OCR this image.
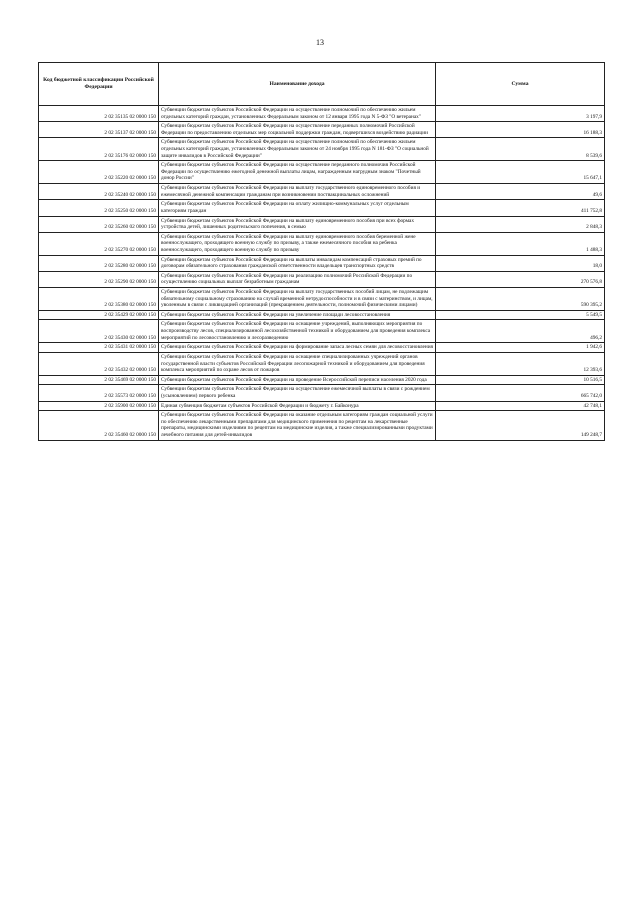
13
Код бюджетной классификации Российской Федерации	Наименование дохода	Сумма
2 02 35135 02 0000 150	Субвенции бюджетам субъектов Российской Федерации на осуществление полномочий по обеспечению жильем отдельных категорий граждан, установленных Федеральным законом от 12 января 1995 года N 5-ФЗ "О ветеранах"	3 197,9
2 02 35137 02 0000 150	Субвенции бюджетам субъектов Российской Федерации на осуществление переданных полномочий Российской Федерации по предоставлению отдельных мер социальной поддержки граждан, подвергшихся воздействию радиации	16 188,3
2 02 35176 02 0000 150	Субвенции бюджетам субъектов Российской Федерации на осуществление полномочий по обеспечению жильем отдельных категорий граждан, установленных Федеральным законом от 24 ноября 1995 года N 181-ФЗ "О социальной защите инвалидов в Российской Федерации"	8 539,6
2 02 35220 02 0000 150	Субвенции бюджетам субъектов Российской Федерации на осуществление переданного полномочия Российской Федерации по осуществлению ежегодной денежной выплаты лицам, награжденным нагрудным знаком "Почетный донор России"	15 647,1
2 02 35240 02 0000 150	Субвенции бюджетам субъектов Российской Федерации на выплату государственного единовременного пособия и ежемесячной денежной компенсации гражданам при возникновении поствакцинальных осложнений	49,6
2 02 35250 02 0000 150	Субвенции бюджетам субъектов Российской Федерации на оплату жилищно-коммунальных услуг отдельным категориям граждан	411 752,8
2 02 35260 02 0000 150	Субвенции бюджетам субъектов Российской Федерации на выплату единовременного пособия при всех формах устройства детей, лишенных родительского попечения, в семью	2 848,3
2 02 35270 02 0000 150	Субвенции бюджетам субъектов Российской Федерации на выплату единовременного пособия беременной жене военнослужащего, проходящего военную службу по призыву, а также ежемесячного пособия на ребенка военнослужащего, проходящего военную службу по призыву	1 488,3
2 02 35280 02 0000 150	Субвенции бюджетам субъектов Российской Федерации на выплаты инвалидам компенсаций страховых премий по договорам обязательного страхования гражданской ответственности владельцев транспортных средств	18,0
2 02 35290 02 0000 150	Субвенции бюджетам субъектов Российской Федерации на реализацию полномочий Российской Федерации по осуществлению социальных выплат безработным гражданам	270 576,8
2 02 35380 02 0000 150	Субвенции бюджетам субъектов Российской Федерации на выплату государственных пособий лицам, не подлежащим обязательному социальному страхованию на случай временной нетрудоспособности и в связи с материнством, и лицам, уволенным в связи с ликвидацией организаций (прекращением деятельности, полномочий физическими лицами)	590 395,2
2 02 35429 02 0000 150	Субвенции бюджетам субъектов Российской Федерации на увеличение площади лесовосстановления	5 549,5
2 02 35430 02 0000 150	Субвенции бюджетам субъектов Российской Федерации на оснащение учреждений, выполняющих мероприятия по воспроизводству лесов, специализированной лесохозяйственной техникой и оборудованием для проведения комплекса мероприятий по лесовосстановлению и лесоразведению	496,2
2 02 35431 02 0000 150	Субвенции бюджетам субъектов Российской Федерации на формирование запаса лесных семян для лесовосстановления	1 942,6
2 02 35432 02 0000 150	Субвенции бюджетам субъектов Российской Федерации на оснащение специализированных учреждений органов государственной власти субъектов Российской Федерации лесопожарной техникой и оборудованием для проведения комплекса мероприятий по охране лесов от пожаров	12 393,6
2 02 35469 02 0000 150	Субвенции бюджетам субъектов Российской Федерации на проведение Всероссийской переписи населения 2020 года	10 516,5
2 02 35573 02 0000 150	Субвенции бюджетам субъектов Российской Федерации на осуществление ежемесячной выплаты в связи с рождением (усыновлением) первого ребенка	665 742,0
2 02 35900 02 0000 150	Единая субвенция бюджетам субъектов Российской Федерации и бюджету г. Байконура	42 748,1
2 02 35460 02 0000 150	Субвенции бюджетам субъектов Российской Федерации на оказание отдельным категориям граждан социальной услуги по обеспечению лекарственными препаратами для медицинского применения по рецептам на лекарственные препараты, медицинскими изделиями по рецептам на медицинские изделия, а также специализированными продуктами лечебного питания для детей-инвалидов	149 248,7
